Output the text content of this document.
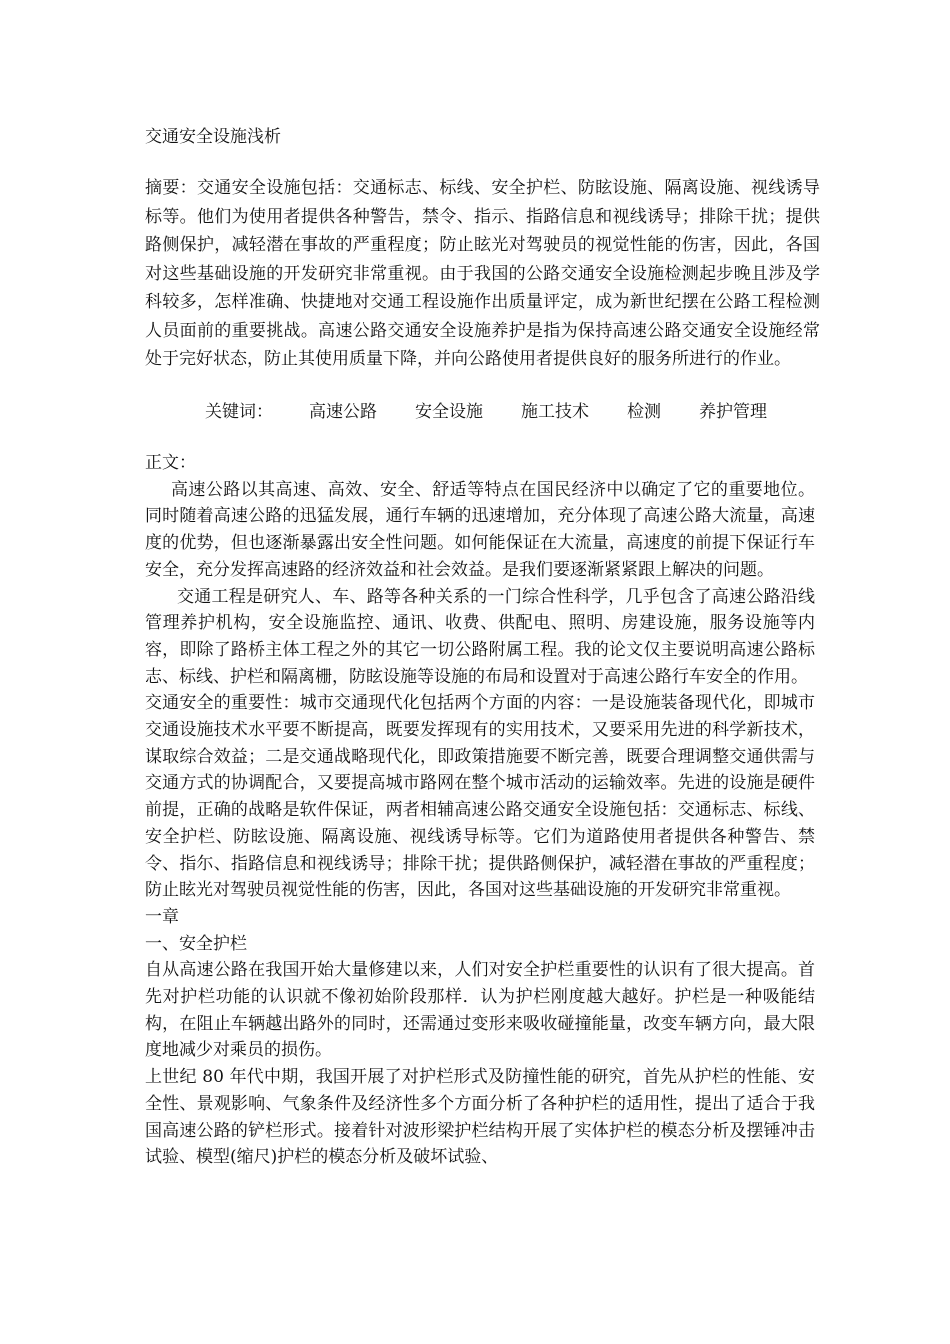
交通安全设施浅析
摘要：交通安全设施包括：交通标志、标线、安全护栏、防眩设施、隔离设施、视线诱导标等。他们为使用者提供各种警告，禁令、指示、指路信息和视线诱导；排除干扰；提供路侧保护，减轻潜在事故的严重程度；防止眩光对驾驶员的视觉性能的伤害，因此，各国对这些基础设施的开发研究非常重视。由于我国的公路交通安全设施检测起步晚且涉及学科较多，怎样准确、快捷地对交通工程设施作出质量评定，成为新世纪摆在公路工程检测人员面前的重要挑战。高速公路交通安全设施养护是指为保持高速公路交通安全设施经常处于完好状态，防止其使用质量下降，并向公路使用者提供良好的服务所进行的作业。
关键词： 高速公路 安全设施 施工技术 检测 养护管理

正文：

高速公路以其高速、高效、安全、舒适等特点在国民经济中以确定了它的重要地位。同时随着高速公路的迅猛发展，通行车辆的迅速增加，充分体现了高速公路大流量，高速度的优势，但也逐渐暴露出安全性问题。如何能保证在大流量，高速度的前提下保证行车安全，充分发挥高速路的经济效益和社会效益。是我们要逐渐紧紧跟上解决的问题。

交通工程是研究人、车、路等各种关系的一门综合性科学，几乎包含了高速公路沿线管理养护机构，安全设施监控、通讯、收费、供配电、照明、房建设施，服务设施等内容，即除了路桥主体工程之外的其它一切公路附属工程。我的论文仅主要说明高速公路标志、标线、护栏和隔离栅，防眩设施等设施的布局和设置对于高速公路行车安全的作用。

交通安全的重要性：城市交通现代化包括两个方面的内容：一是设施装备现代化，即城市交通设施技术水平要不断提高，既要发挥现有的实用技术，又要采用先进的科学新技术，谋取综合效益；二是交通战略现代化，即政策措施要不断完善，既要合理调整交通供需与交通方式的协调配合，又要提高城市路网在整个城市活动的运输效率。先进的设施是硬件前提，正确的战略是软件保证，两者相辅高速公路交通安全设施包括：交通标志、标线、安全护栏、防眩设施、隔离设施、视线诱导标等。它们为道路使用者提供各种警告、禁令、指尓、指路信息和视线诱导；排除干扰；提供路侧保护，减轻潜在事故的严重程度；防止眩光对驾驶员视觉性能的伤害，因此，各国对这些基础设施的开发研究非常重视。

一章

一、安全护栏

自从高速公路在我国开始大量修建以来，人们对安全护栏重要性的认识有了很大提高。首先对护栏功能的认识就不像初始阶段那样．认为护栏刚度越大越好。护栏是一种吸能结构，在阻止车辆越出路外的同时，还需通过变形来吸收碰撞能量，改变车辆方向，最大限度地减少对乘员的损伤。

上世纪 80 年代中期，我国开展了对护栏形式及防撞性能的研究，首先从护栏的性能、安全性、景观影响、气象条件及经济性多个方面分析了各种护栏的适用性，提出了适合于我国高速公路的铲栏形式。接着针对波形梁护栏结构开展了实体护栏的模态分析及摆锤冲击试验、模型(缩尺)护栏的模态分析及破坏试验、
